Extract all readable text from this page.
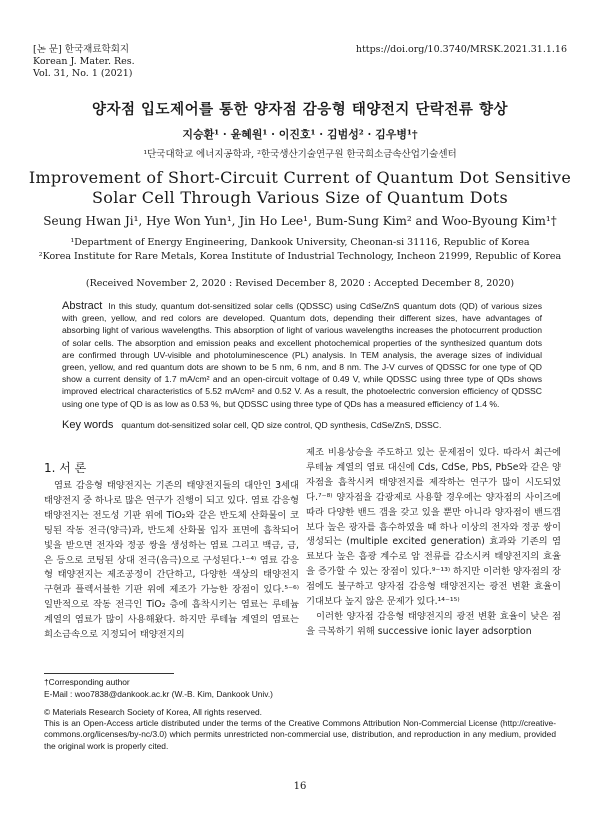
[논 문] 한국재료학회지
Korean J. Mater. Res.
Vol. 31, No. 1 (2021)
https://doi.org/10.3740/MRSK.2021.31.1.16
양자점 입도제어를 통한 양자점 감응형 태양전지 단락전류 향상
지승환¹ · 윤혜원¹ · 이진호¹ · 김범성² · 김우병¹†
¹단국대학교 에너지공학과, ²한국생산기술연구원 한국희소금속산업기술센터
Improvement of Short-Circuit Current of Quantum Dot Sensitive
Solar Cell Through Various Size of Quantum Dots
Seung Hwan Ji¹, Hye Won Yun¹, Jin Ho Lee¹, Bum-Sung Kim² and Woo-Byoung Kim¹†
¹Department of Energy Engineering, Dankook University, Cheonan-si 31116, Republic of Korea
²Korea Institute for Rare Metals, Korea Institute of Industrial Technology, Incheon 21999, Republic of Korea
(Received November 2, 2020 : Revised December 8, 2020 : Accepted December 8, 2020)
Abstract In this study, quantum dot-sensitized solar cells (QDSSC) using CdSe/ZnS quantum dots (QD) of various sizes with green, yellow, and red colors are developed. Quantum dots, depending their different sizes, have advantages of absorbing light of various wavelengths. This absorption of light of various wavelengths increases the photocurrent production of solar cells. The absorption and emission peaks and excellent photochemical properties of the synthesized quantum dots are confirmed through UV-visible and photoluminescence (PL) analysis. In TEM analysis, the average sizes of individual green, yellow, and red quantum dots are shown to be 5 nm, 6 nm, and 8 nm. The J-V curves of QDSSC for one type of QD show a current density of 1.7 mA/cm² and an open-circuit voltage of 0.49 V, while QDSSC using three type of QDs shows improved electrical characteristics of 5.52 mA/cm² and 0.52 V. As a result, the photoelectric conversion efficiency of QDSSC using one type of QD is as low as 0.53 %, but QDSSC using three type of QDs has a measured efficiency of 1.4 %.
Key words quantum dot-sensitized solar cell, QD size control, QD synthesis, CdSe/ZnS, DSSC.
1. 서 론

염료 감응형 태양전지는 기존의 태양전지들의 대안인 3세대 태양전지 중 하나로 많은 연구가 진행이 되고 있다. 염료 감응형 태양전지는 전도성 기판 위에 TiO₂와 같은 반도체 산화물이 코팅된 작동 전극(양극)과, 반도체 산화물 입자 표면에 흡착되어 빛을 받으면 전자와 정공 쌍을 생성하는 염료 그리고 백금, 금, 은 등으로 코팅된 상대 전극(음극)으로 구성된다.¹⁻⁴⁾ 염료 감응형 태양전지는 제조공정이 간단하고, 다양한 색상의 태양전지 구현과 플렉서블한 기판 위에 제조가 가능한 장점이 있다.⁵⁻⁶⁾ 일반적으로 작동 전극인 TiO₂ 층에 흡착시키는 염료는 루테늄 계열의 염료가 많이 사용해왔다. 하지만 루테늄 계열의 염료는 희소금속으로 지정되어 태양전지의

제조 비용상승을 주도하고 있는 문제점이 있다. 따라서 최근에 루테늄 계열의 염료 대신에 Cds, CdSe, PbS, PbSe와 같은 양자점을 흡착시켜 태양전지를 제작하는 연구가 많이 시도되었다.⁷⁻⁸⁾ 양자점을 감광제로 사용할 경우에는 양자점의 사이즈에 따라 다양한 밴드 갭을 갖고 있을 뿐만 아니라 양자점이 밴드갭 보다 높은 광자를 흡수하였을 때 하나 이상의 전자와 정공 쌍이 생성되는 (multiple excited generation) 효과와 기존의 염료보다 높은 흡광 계수로 암 전류를 감소시켜 태양전지의 효율을 증가할 수 있는 장점이 있다.⁹⁻¹³⁾ 하지만 이러한 양자점의 장점에도 불구하고 양자점 감응형 태양전지는 광전 변환 효율이 기대보다 높지 않은 문제가 있다.¹⁴⁻¹⁵⁾

이러한 양자점 감응형 태양전지의 광전 변환 효율이 낮은 점을 극복하기 위해 successive ionic layer adsorption

†Corresponding author
E-Mail : woo7838@dankook.ac.kr (W.-B. Kim, Dankook Univ.)
© Materials Research Society of Korea, All rights reserved.
This is an Open-Access article distributed under the terms of the Creative Commons Attribution Non-Commercial License (http://creative-commons.org/licenses/by-nc/3.0) which permits unrestricted non-commercial use, distribution, and reproduction in any medium, provided the original work is properly cited.
16
